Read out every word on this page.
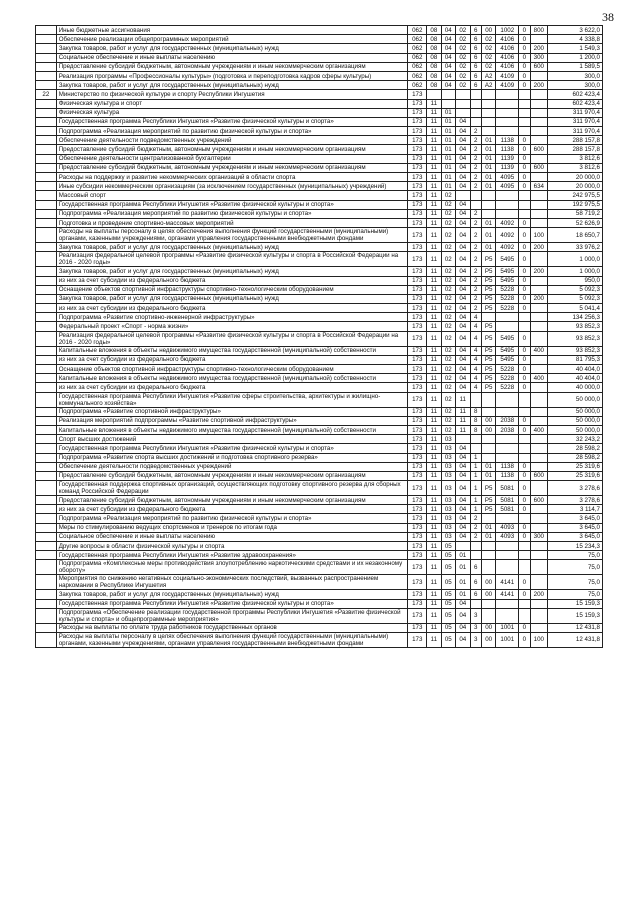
38
	Иные бюджетные ассигнования	062	08	04	02	6	00	1002	0	800	3 622,0
	Обеспечение реализации общепрограммных мероприятий	062	08	04	02	6	02	4106	0		4 338,8
	Закупка товаров, работ и услуг для государственных (муниципальных) нужд	062	08	04	02	6	02	4106	0	200	1 549,3
	Социальное обеспечение и иные выплаты населению	062	08	04	02	6	02	4106	0	300	1 200,0
	Предоставление субсидий бюджетным, автономным учреждениям и иным некоммерческим организациям	062	08	04	02	6	02	4106	0	600	1 589,5
	Реализация программы «Профессионалы культуры» (подготовка и переподготовка кадров сферы культуры)	062	08	04	02	6	А2	4109	0		300,0
	Закупка товаров, работ и услуг для государственных (муниципальных) нужд	062	08	04	02	6	А2	4109	0	200	300,0
22	Министерство по физической культуре и спорту Республики Ингушетия	173									602 423,4
	Физическая культура и спорт	173	11								602 423,4
	Физическая культура	173	11	01							311 970,4
	Государственная программа Республики Ингушетия «Развитие физической культуры и спорта»	173	11	01	04						311 970,4
	Подпрограмма «Реализация мероприятий по развитию физической культуры и спорта»	173	11	01	04	2					311 970,4
	Обеспечение деятельности подведомственных учреждений	173	11	01	04	2	01	1138	0		288 157,8
	Предоставление субсидий бюджетным, автономным учреждениям и иным некоммерческим организациям	173	11	01	04	2	01	1138	0	600	288 157,8
	Обеспечение деятельности централизованной бухгалтерии	173	11	01	04	2	01	1139	0		3 812,6
	Предоставление субсидий бюджетным, автономным учреждениям и иным некоммерческим организациям	173	11	01	04	2	01	1139	0	600	3 812,6
	Расходы на поддержку и развитие некоммерческих организаций в области спорта	173	11	01	04	2	01	4095	0		20 000,0
	Иные субсидии некоммерческим организациям (за исключением государственных (муниципальных) учреждений)	173	11	01	04	2	01	4095	0	634	20 000,0
	Массовый спорт	173	11	02							242 975,5
	Государственная программа Республики Ингушетия «Развитие физической культуры и спорта»	173	11	02	04						192 975,5
	Подпрограмма «Реализация мероприятий по развитию физической культуры и спорта»	173	11	02	04	2					58 719,2
	Подготовка и проведение спортивно-массовых мероприятий	173	11	02	04	2	01	4092	0		52 626,9
	Расходы на выплаты персоналу в целях обеспечения выполнения функций государственными (муниципальными) органами, казенными учреждениями, органами управления государственными внебюджетными фондами	173	11	02	04	2	01	4092	0	100	18 650,7
	Закупка товаров, работ и услуг для государственных (муниципальных) нужд	173	11	02	04	2	01	4092	0	200	33 976,2
	Реализация федеральной целевой программы «Развитие физической культуры и спорта в Российской Федерации на 2016 - 2020 годы»	173	11	02	04	2	Р5	5495	0		1 000,0
	Закупка товаров, работ и услуг для государственных (муниципальных) нужд	173	11	02	04	2	Р5	5495	0	200	1 000,0
	из них за счет субсидии из федерального бюджета	173	11	02	04	2	Р5	5495	0		950,0
	Оснащение объектов спортивной инфраструктуры спортивно-технологическим оборудованием	173	11	02	04	2	Р5	5228	0		5 092,3
	Закупка товаров, работ и услуг для государственных (муниципальных) нужд	173	11	02	04	2	Р5	5228	0	200	5 092,3
	из них за счет субсидии из федерального бюджета	173	11	02	04	2	Р5	5228	0		5 041,4
	Подпрограмма «Развитие спортивно-инженерной инфраструктуры»	173	11	02	04	4					134 256,3
	Федеральный проект «Спорт - норма жизни»	173	11	02	04	4	Р5				93 852,3
	Реализация федеральной целевой программы «Развитие физической культуры и спорта в Российской Федерации на 2016 - 2020 годы»	173	11	02	04	4	Р5	5495	0		93 852,3
	Капитальные вложения в объекты недвижимого имущества государственной (муниципальной) собственности	173	11	02	04	4	Р5	5495	0	400	93 852,3
	из них за счет субсидии из федерального бюджета	173	11	02	04	4	Р5	5495	0		81 795,3
	Оснащение объектов спортивной инфраструктуры спортивно-технологическим оборудованием	173	11	02	04	4	Р5	5228	0		40 404,0
	Капитальные вложения в объекты недвижимого имущества государственной (муниципальной) собственности	173	11	02	04	4	Р5	5228	0	400	40 404,0
	из них за счет субсидии из федерального бюджета	173	11	02	04	4	Р5	5228	0		40 000,0
	Государственная программа Республики Ингушетия «Развитие сферы строительства, архитектуры и жилищно-коммунального хозяйства»	173	11	02	11						50 000,0
	Подпрограмма «Развитие спортивной инфраструктуры»	173	11	02	11	8					50 000,0
	Реализация мероприятий подпрограммы «Развитие спортивной инфраструктуры»	173	11	02	11	8	00	2038	0		50 000,0
	Капитальные вложения в объекты недвижимого имущества государственной (муниципальной) собственности	173	11	02	11	8	00	2038	0	400	50 000,0
	Спорт высших достижений	173	11	03							32 243,2
	Государственная программа Республики Ингушетия «Развитие физической культуры и спорта»	173	11	03	04						28 598,2
	Подпрограмма «Развитие спорта высших достижений и подготовка спортивного резерва»	173	11	03	04	1					28 598,2
	Обеспечение деятельности подведомственных учреждений	173	11	03	04	1	01	1138	0		25 319,6
	Предоставление субсидий бюджетным, автономным учреждениям и иным некоммерческим организациям	173	11	03	04	1	01	1138	0	600	25 319,6
	Государственная поддержка спортивных организаций, осуществляющих подготовку спортивного резерва для сборных команд Российской Федерации	173	11	03	04	1	Р5	5081	0		3 278,6
	Предоставление субсидий бюджетным, автономным учреждениям и иным некоммерческим организациям	173	11	03	04	1	Р5	5081	0	600	3 278,6
	из них за счет субсидии из федерального бюджета	173	11	03	04	1	Р5	5081	0		3 114,7
	Подпрограмма «Реализация мероприятий по развитию физической культуры и спорта»	173	11	03	04	2					3 645,0
	Меры по стимулированию ведущих спортсменов и тренеров по итогам года	173	11	03	04	2	01	4093	0		3 645,0
	Социальное обеспечение и иные выплаты населению	173	11	03	04	2	01	4093	0	300	3 645,0
	Другие вопросы в области физической культуры и спорта	173	11	05							15 234,3
	Государственная программа Республики Ингушетия «Развитие здравоохранения»	173	11	05	01						75,0
	Подпрограмма «Комплексные меры противодействия злоупотреблению наркотическими средствами и их незаконному обороту»	173	11	05	01	6					75,0
	Мероприятия по снижению негативных социально-экономических последствий, вызванных распространением наркомании в Республике Ингушетия	173	11	05	01	6	00	4141	0		75,0
	Закупка товаров, работ и услуг для государственных (муниципальных) нужд	173	11	05	01	6	00	4141	0	200	75,0
	Государственная программа Республики Ингушетия «Развитие физической культуры и спорта»	173	11	05	04						15 159,3
	Подпрограмма «Обеспечение реализации государственной программы Республики Ингушетия «Развитие физической культуры и спорта» и общепрограммные мероприятия»	173	11	05	04	3					15 159,3
	Расходы на выплаты по оплате труда работников государственных органов	173	11	05	04	3	00	1001	0		12 431,8
	Расходы на выплаты персоналу в целях обеспечения выполнения функций государственными (муниципальными) органами, казенными учреждениями, органами управления государственными внебюджетными фондами	173	11	05	04	3	00	1001	0	100	12 431,8
